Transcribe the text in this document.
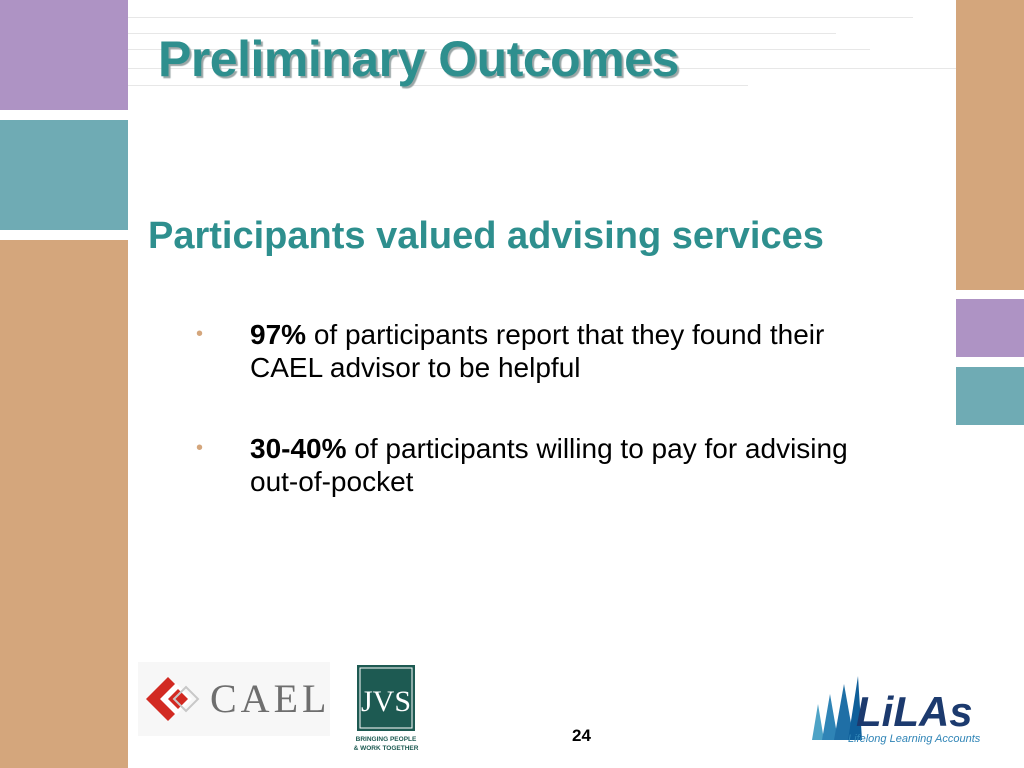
Preliminary Outcomes
Participants valued advising services
• 97% of participants report that they found their CAEL advisor to be helpful
• 30-40% of participants willing to pay for advising out-of-pocket
CAEL JVS
BRINGING PEOPLE
& WORK TOGETHER
LiLAs
Lifelong Learning Accounts
24
